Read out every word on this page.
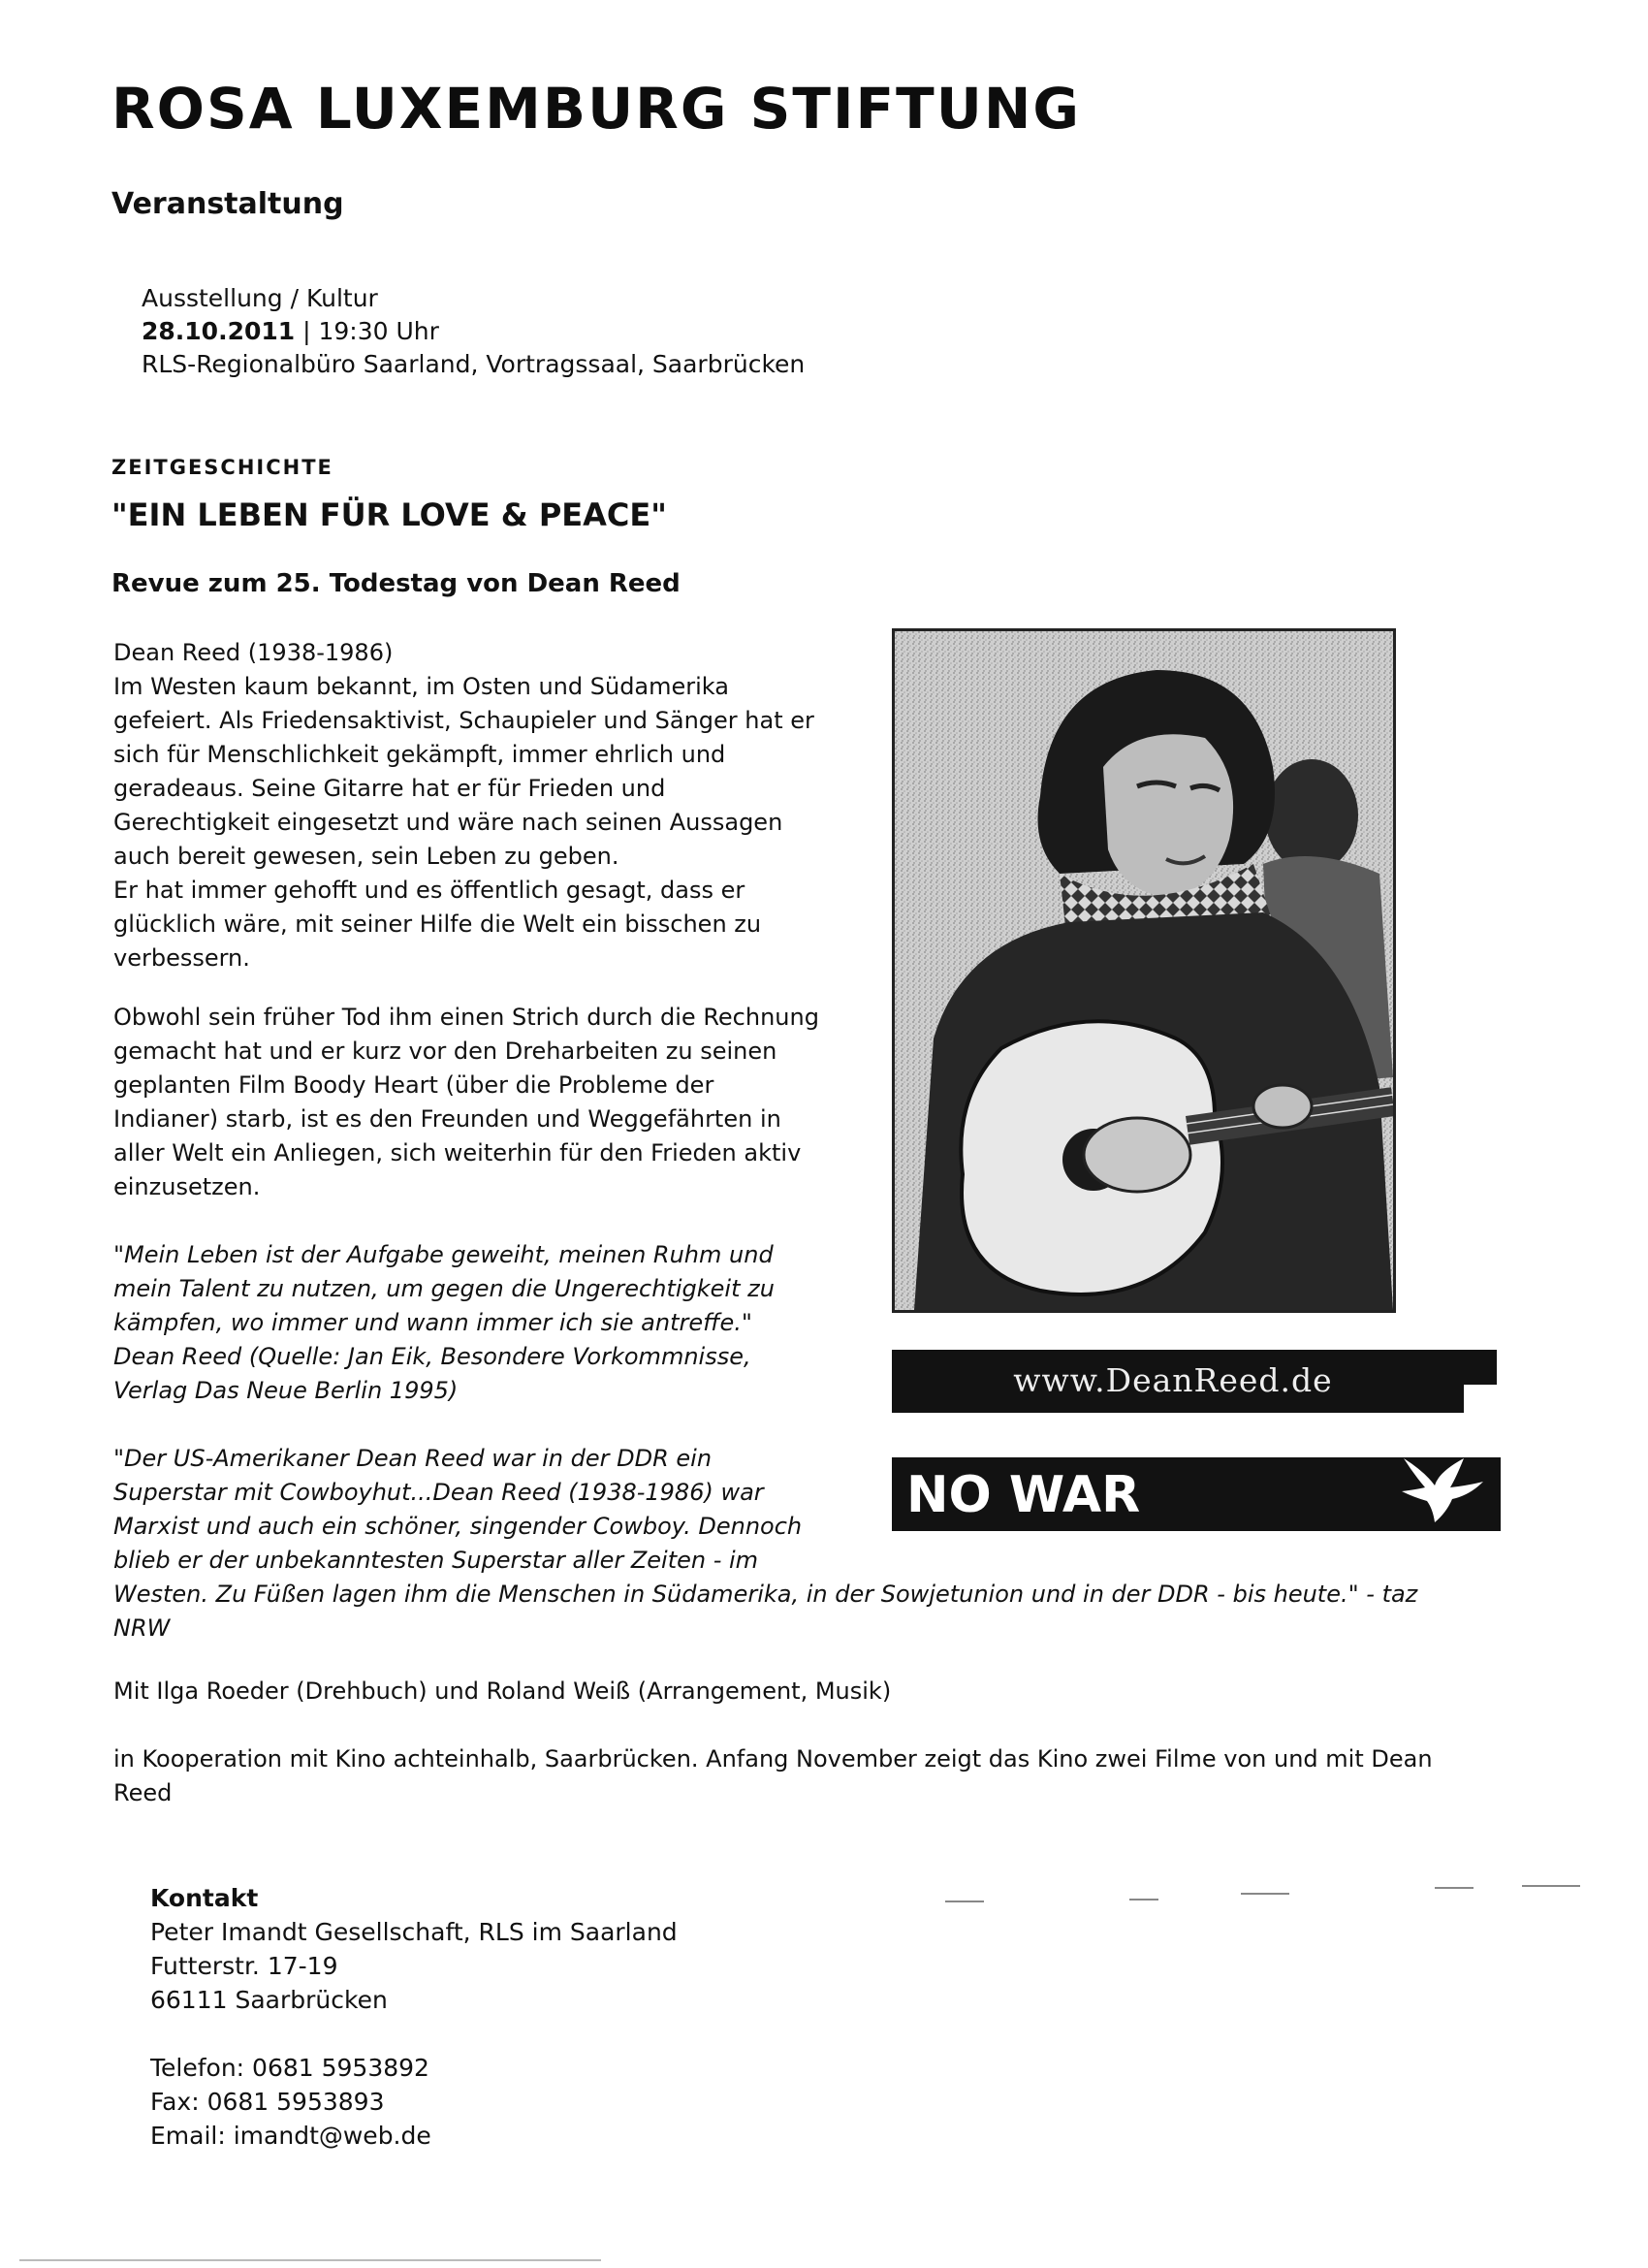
ROSA LUXEMBURG STIFTUNG
Veranstaltung
Ausstellung / Kultur
28.10.2011 | 19:30 Uhr
RLS-Regionalbüro Saarland, Vortragssaal, Saarbrücken
ZEITGESCHICHTE
"EIN LEBEN FÜR LOVE & PEACE"
Revue zum 25. Todestag von Dean Reed
Dean Reed (1938-1986)
Im Westen kaum bekannt, im Osten und Südamerika
gefeiert. Als Friedensaktivist, Schaupieler und Sänger hat er
sich für Menschlichkeit gekämpft, immer ehrlich und
geradeaus. Seine Gitarre hat er für Frieden und
Gerechtigkeit eingesetzt und wäre nach seinen Aussagen
auch bereit gewesen, sein Leben zu geben.
Er hat immer gehofft und es öffentlich gesagt, dass er
glücklich wäre, mit seiner Hilfe die Welt ein bisschen zu
verbessern.
Obwohl sein früher Tod ihm einen Strich durch die Rechnung
gemacht hat und er kurz vor den Dreharbeiten zu seinen
geplanten Film Boody Heart (über die Probleme der
Indianer) starb, ist es den Freunden und Weggefährten in
aller Welt ein Anliegen, sich weiterhin für den Frieden aktiv
einzusetzen.
"Mein Leben ist der Aufgabe geweiht, meinen Ruhm und
mein Talent zu nutzen, um gegen die Ungerechtigkeit zu
kämpfen, wo immer und wann immer ich sie antreffe."
Dean Reed (Quelle: Jan Eik, Besondere Vorkommnisse,
Verlag Das Neue Berlin 1995)
"Der US-Amerikaner Dean Reed war in der DDR ein
Superstar mit Cowboyhut...Dean Reed (1938-1986) war
Marxist und auch ein schöner, singender Cowboy. Dennoch
blieb er der unbekanntesten Superstar aller Zeiten - im
Westen. Zu Füßen lagen ihm die Menschen in Südamerika, in der Sowjetunion und in der DDR - bis heute." - taz
NRW
Mit Ilga Roeder (Drehbuch) und Roland Weiß (Arrangement, Musik)
in Kooperation mit Kino achteinhalb, Saarbrücken. Anfang November zeigt das Kino zwei Filme von und mit Dean
Reed
www.DeanReed.de
NO WAR
Kontakt
Peter Imandt Gesellschaft, RLS im Saarland
Futterstr. 17-19
66111 Saarbrücken
Telefon: 0681 5953892
Fax: 0681 5953893
Email: imandt@web.de
